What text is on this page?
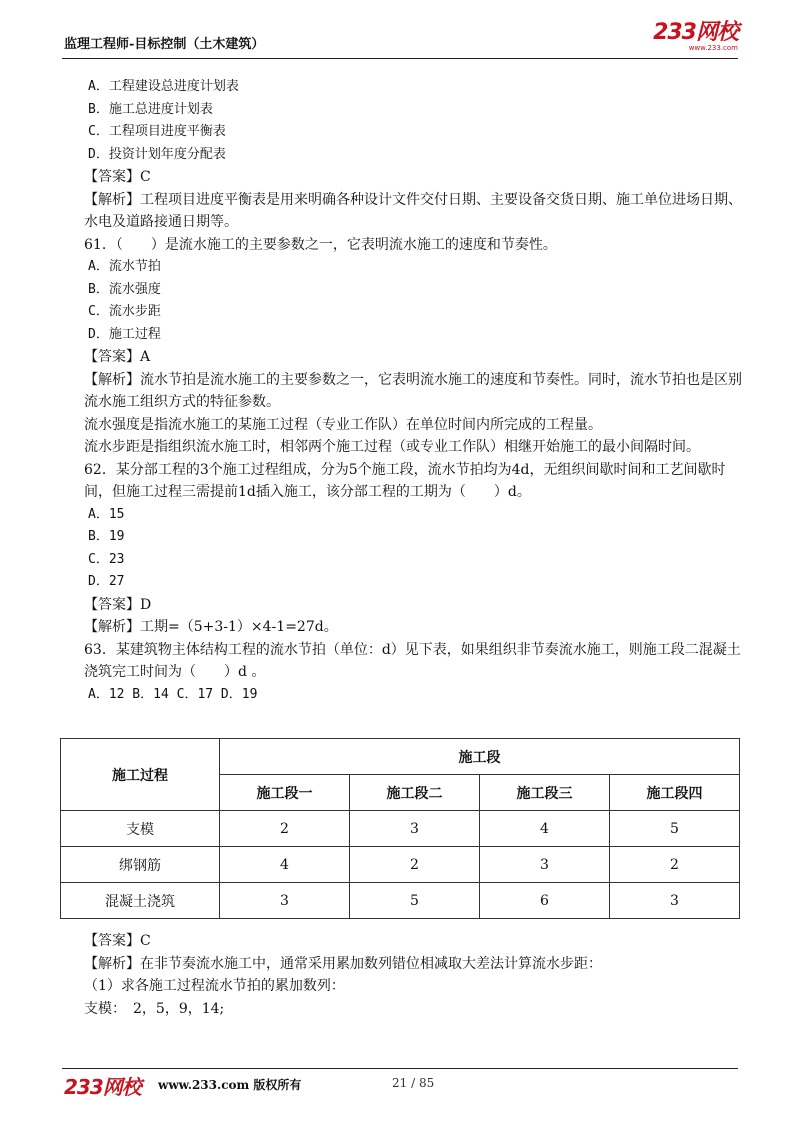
监理工程师-目标控制（土木建筑）	233网校
www.233.com
A．工程建设总进度计划表
B．施工总进度计划表
C．工程项目进度平衡表
D．投资计划年度分配表
【答案】C
【解析】工程项目进度平衡表是用来明确各种设计文件交付日期、主要设备交货日期、施工单位进场日期、水电及道路接通日期等。
61．（　　）是流水施工的主要参数之一，它表明流水施工的速度和节奏性。
A．流水节拍
B．流水强度
C．流水步距
D．施工过程
【答案】A
【解析】流水节拍是流水施工的主要参数之一，它表明流水施工的速度和节奏性。同时，流水节拍也是区别流水施工组织方式的特征参数。
流水强度是指流水施工的某施工过程（专业工作队）在单位时间内所完成的工程量。
流水步距是指组织流水施工时，相邻两个施工过程（或专业工作队）相继开始施工的最小间隔时间。
62．某分部工程的3个施工过程组成，分为5个施工段，流水节拍均为4d，无组织间歇时间和工艺间歇时间，但施工过程三需提前1d插入施工，该分部工程的工期为（　　）d。
A．15
B．19
C．23
D．27
【答案】D
【解析】工期=（5+3-1）×4-1=27d。
63．某建筑物主体结构工程的流水节拍（单位：d）见下表，如果组织非节奏流水施工，则施工段二混凝土浇筑完工时间为（　　）d 。
A．12 B．14 C．17 D．19
施工过程	施工段			
	施工段一	施工段二	施工段三	施工段四
支模	2	3	4	5
绑钢筋	4	2	3	2
混凝土浇筑	3	5	6	3
【答案】C
【解析】在非节奏流水施工中，通常采用累加数列错位相减取大差法计算流水步距：
（1）求各施工过程流水节拍的累加数列：
支模：　2，5，9，14;
233网校 www.233.com 版权所有	21 / 85
